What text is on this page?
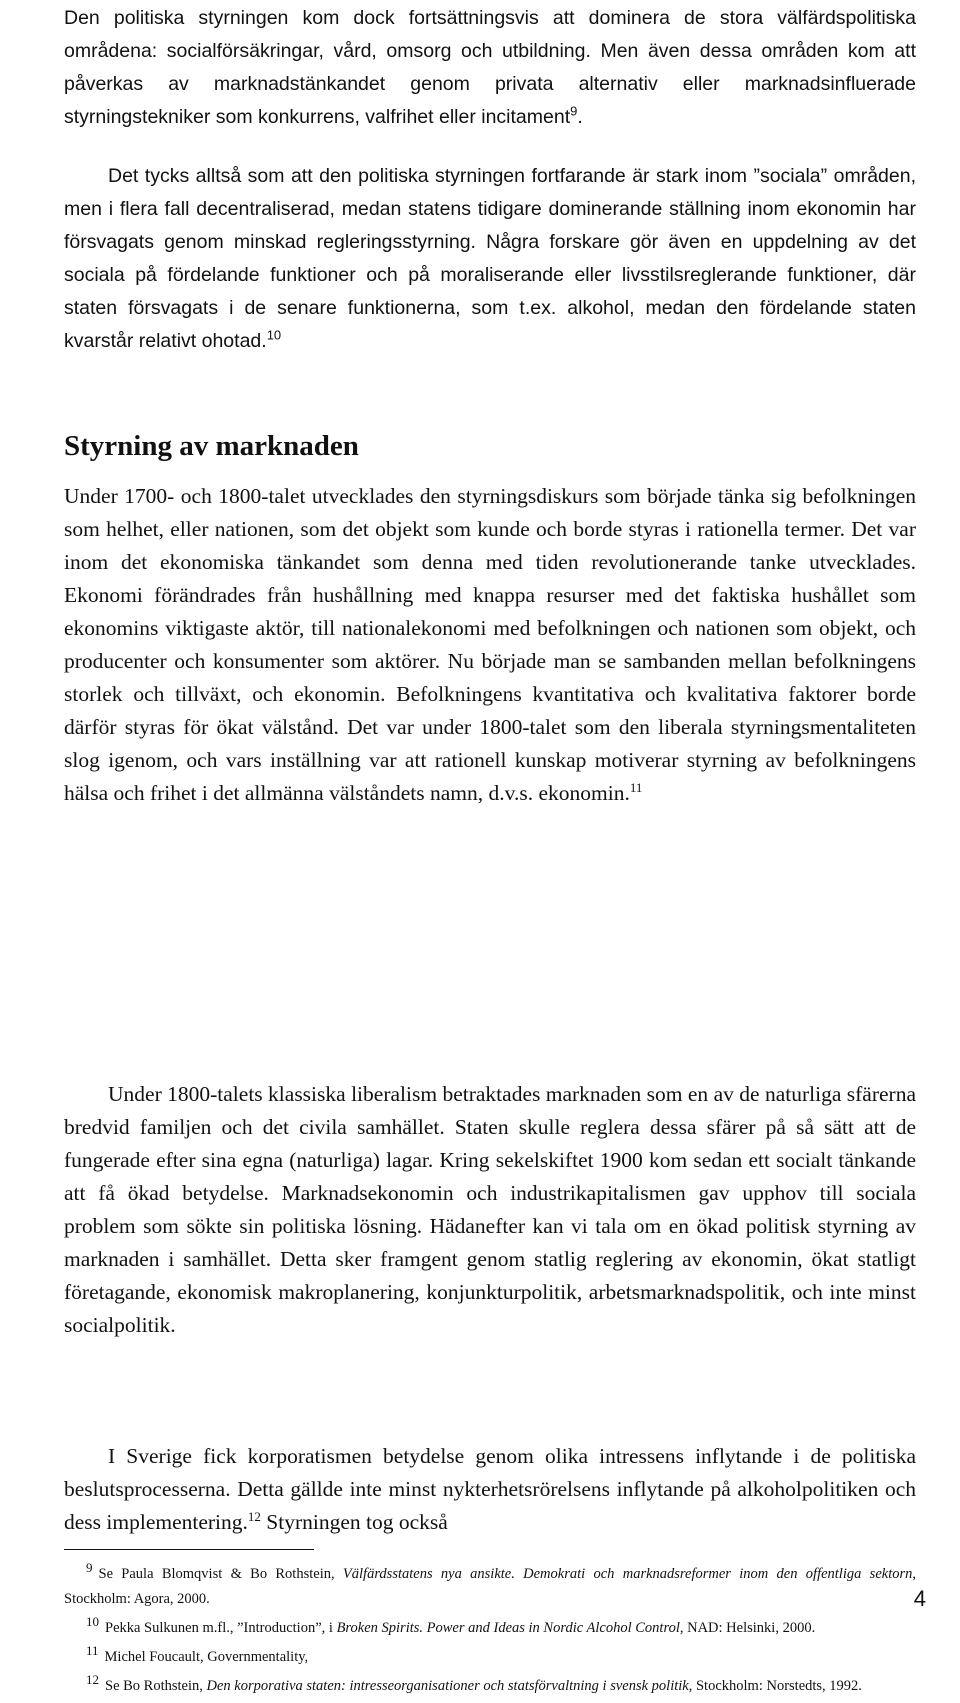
Den politiska styrningen kom dock fortsättningsvis att dominera de stora välfärdspolitiska områdena: socialförsäkringar, vård, omsorg och utbildning. Men även dessa områden kom att påverkas av marknadstänkandet genom privata alternativ eller marknadsinfluerade styrningstekniker som konkurrens, valfrihet eller incitament$^9$.

Det tycks alltså som att den politiska styrningen fortfarande är stark inom ”sociala” områden, men i flera fall decentraliserad, medan statens tidigare dominerande ställning inom ekonomin har försvagats genom minskad regleringsstyrning. Några forskare gör även en uppdelning av det sociala på fördelande funktioner och på moraliserande eller livsstilsreglerande funktioner, där staten försvagats i de senare funktionerna, som t.ex. alkohol, medan den fördelande staten kvarstår relativt ohotad.$^{10}$

Styrning av marknaden

Under 1700- och 1800-talet utvecklades den styrningsdiskurs som började tänka sig befolkningen som helhet, eller nationen, som det objekt som kunde och borde styras i rationella termer. Det var inom det ekonomiska tänkandet som denna med tiden revolutionerande tanke utvecklades. Ekonomi förändrades från hushållning med knappa resurser med det faktiska hushållet som ekonomins viktigaste aktör, till nationalekonomi med befolkningen och nationen som objekt, och producenter och konsumenter som aktörer. Nu började man se sambanden mellan befolkningens storlek och tillväxt, och ekonomin. Befolkningens kvantitativa och kvalitativa faktorer borde därför styras för ökat välstånd. Det var under 1800-talet som den liberala styrningsmentaliteten slog igenom, och vars inställning var att rationell kunskap motiverar styrning av befolkningens hälsa och frihet i det allmänna välståndets namn, d.v.s. ekonomin.$^{11}$

Under 1800-talets klassiska liberalism betraktades marknaden som en av de naturliga sfärerna bredvid familjen och det civila samhället. Staten skulle reglera dessa sfärer på så sätt att de fungerade efter sina egna (naturliga) lagar. Kring sekelskiftet 1900 kom sedan ett socialt tänkande att få ökad betydelse. Marknadsekonomin och industrikapitalismen gav upphov till sociala problem som sökte sin politiska lösning. Hädanefter kan vi tala om en ökad politisk styrning av marknaden i samhället. Detta sker framgent genom statlig reglering av ekonomin, ökat statligt företagande, ekonomisk makroplanering, konjunkturpolitik, arbetsmarknadspolitik, och inte minst socialpolitik.

I Sverige fick korporatismen betydelse genom olika intressens inflytande i de politiska beslutsprocesserna. Detta gällde inte minst nykterhetsrörelsens inflytande på alkoholpolitiken och dess implementering.$^{12}$ Styrningen tog också

9 Se Paula Blomqvist & Bo Rothstein, Välfärdsstatens nya ansikte. Demokrati och marknadsreformer inom den offentliga sektorn, Stockholm: Agora, 2000.

10 Pekka Sulkunen m.fl., ”Introduction”, i Broken Spirits. Power and Ideas in Nordic Alcohol Control, NAD: Helsinki, 2000.

11 Michel Foucault, Governmentality,

12 Se Bo Rothstein, Den korporativa staten: intresseorganisationer och statsförvaltning i svensk politik, Stockholm: Norstedts, 1992.

4
